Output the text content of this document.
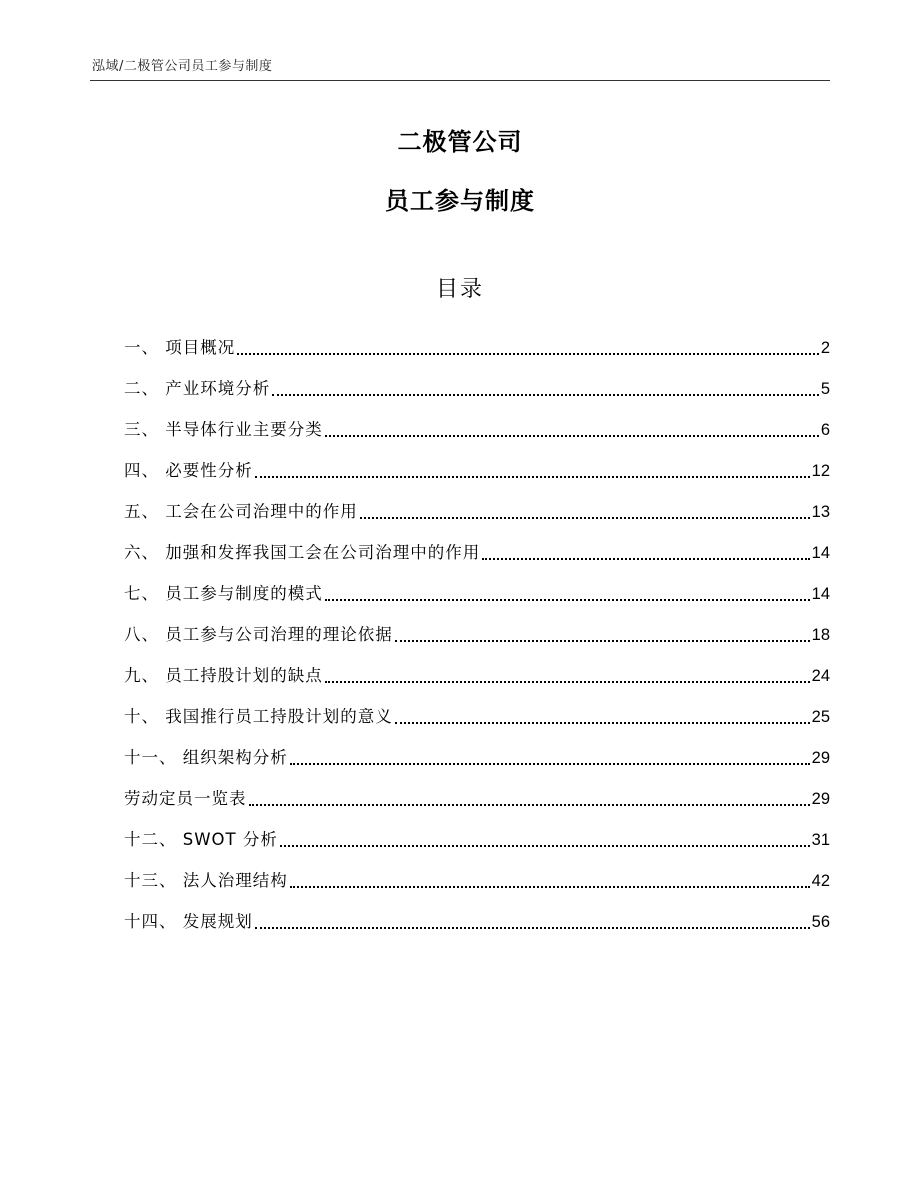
泓域/二极管公司员工参与制度
二极管公司
员工参与制度
目录
一、 项目概况	2
二、 产业环境分析	5
三、 半导体行业主要分类	6
四、 必要性分析	12
五、 工会在公司治理中的作用	13
六、 加强和发挥我国工会在公司治理中的作用	14
七、 员工参与制度的模式	14
八、 员工参与公司治理的理论依据	18
九、 员工持股计划的缺点	24
十、 我国推行员工持股计划的意义	25
十一、 组织架构分析	29
劳动定员一览表	29
十二、 SWOT 分析	31
十三、 法人治理结构	42
十四、 发展规划	56
